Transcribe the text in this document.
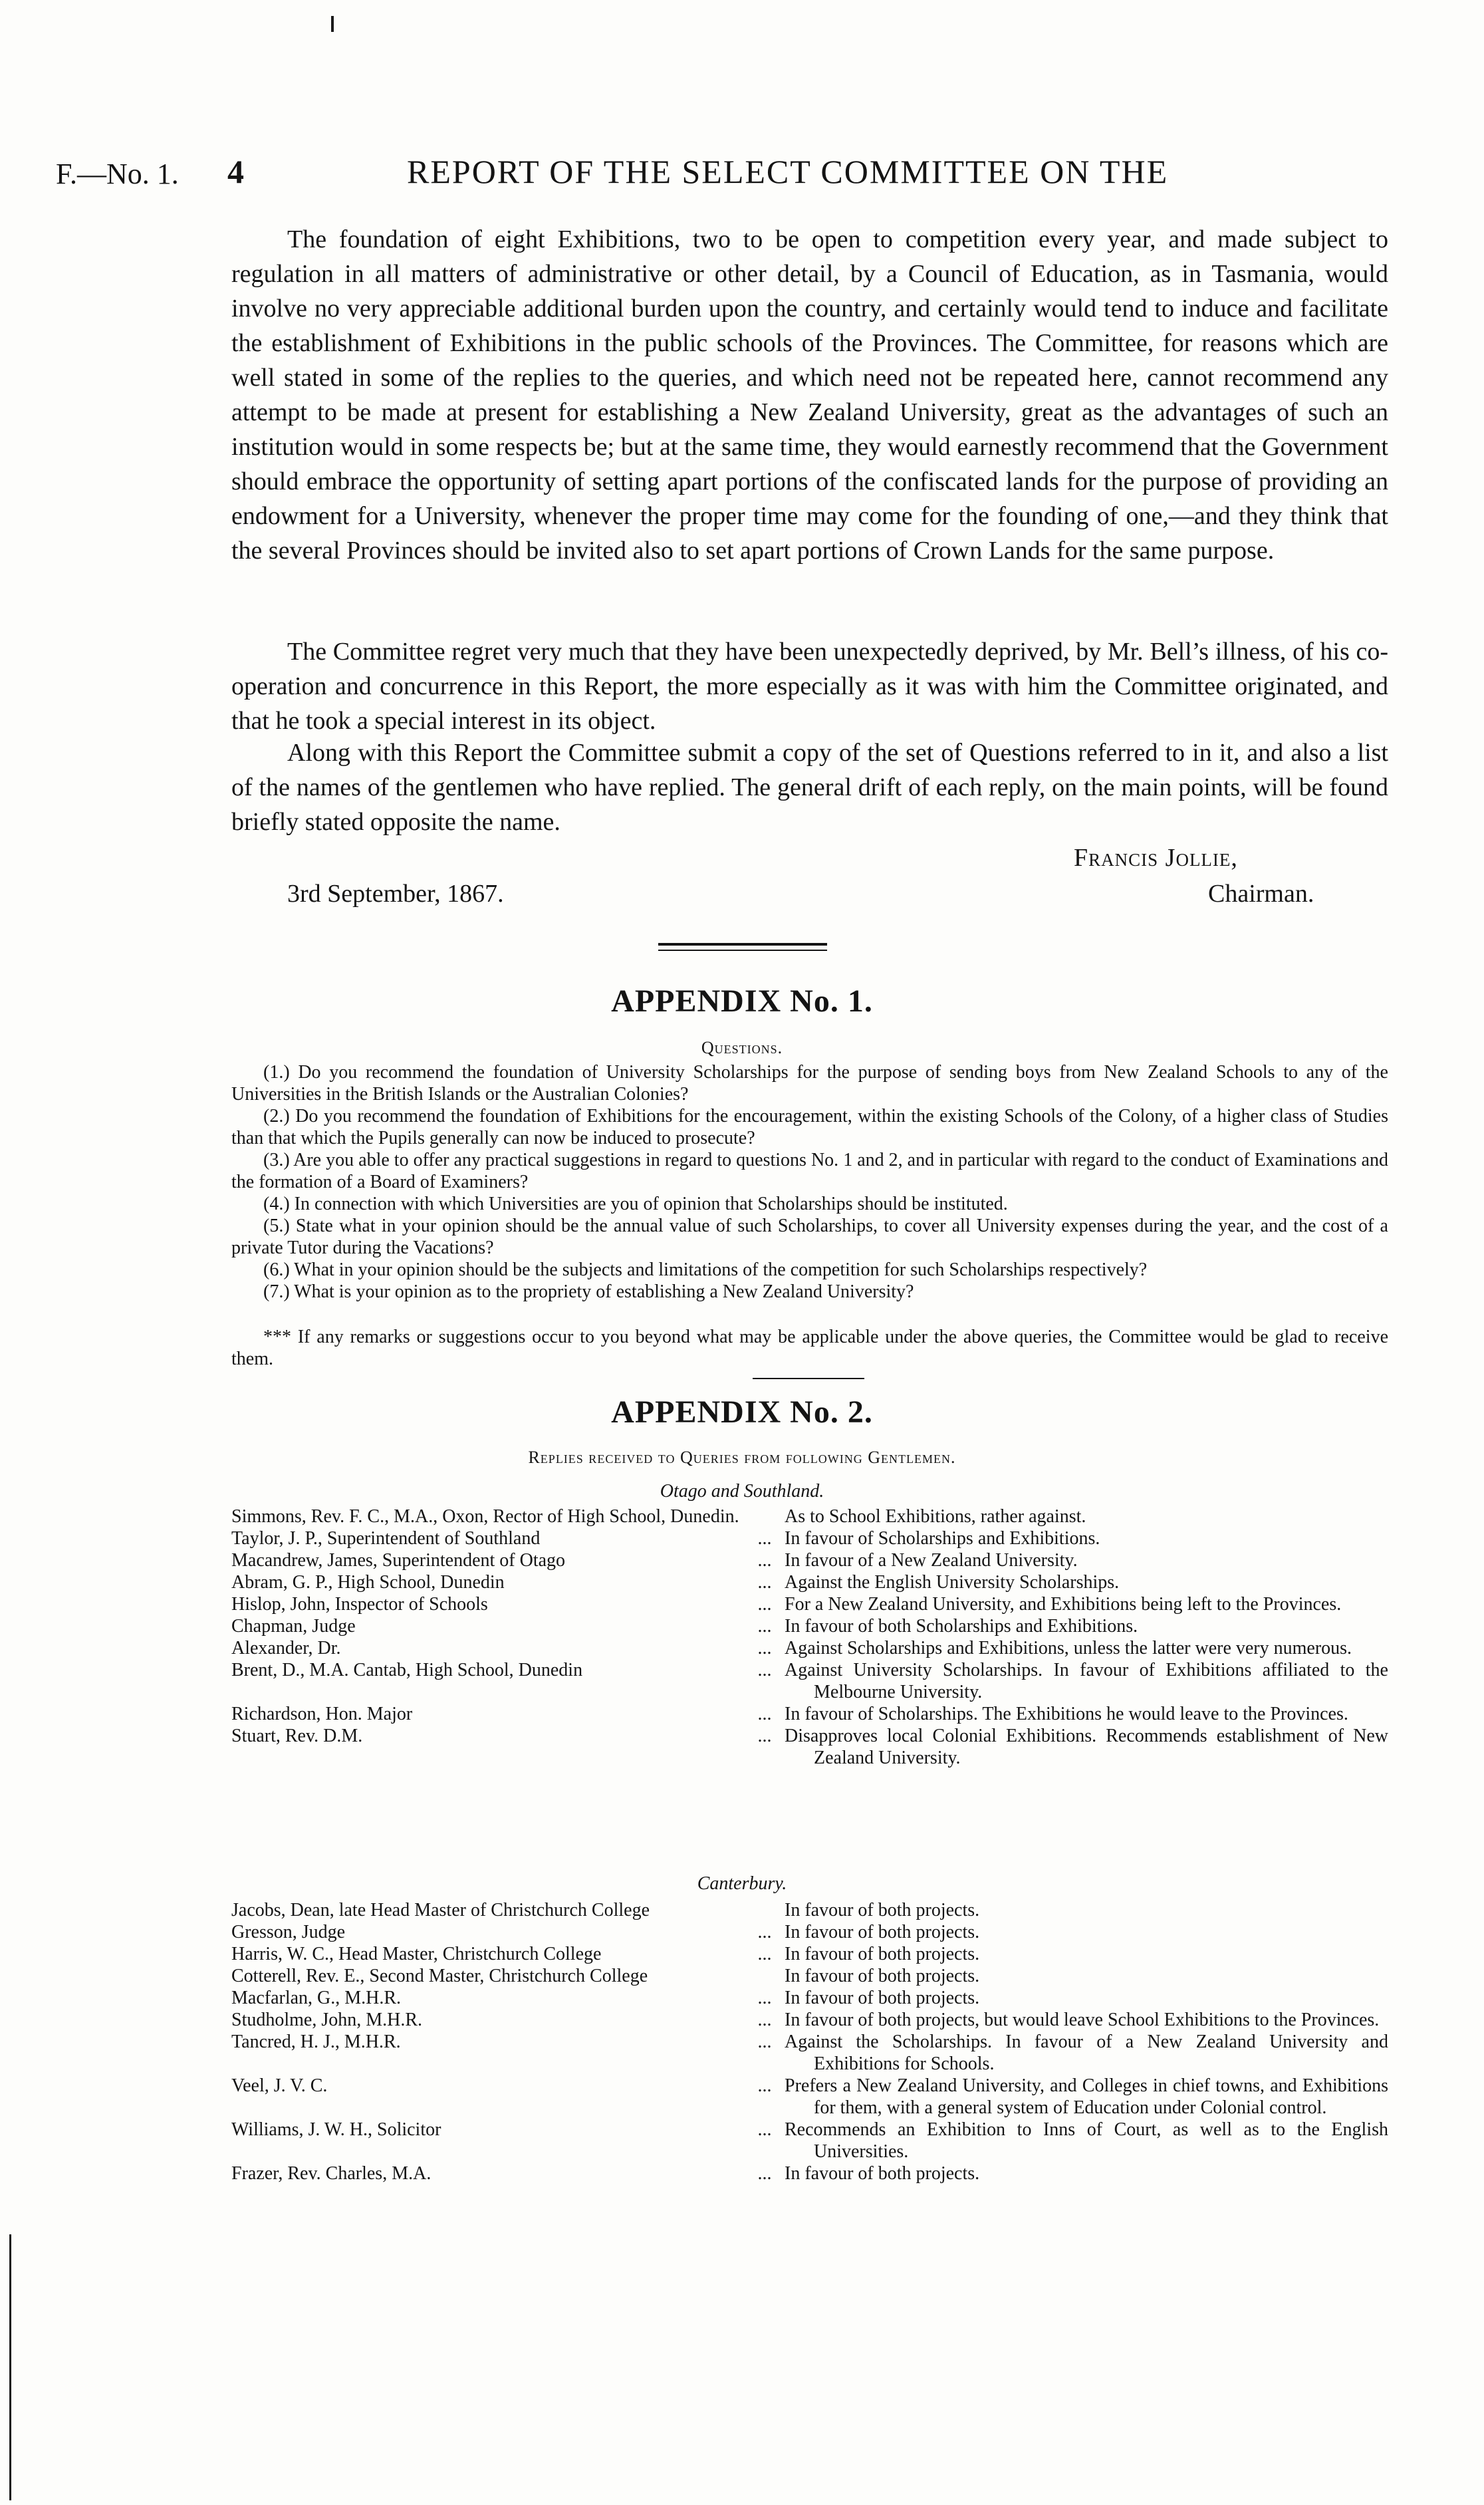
F.—No. 1. 4	REPORT OF THE SELECT COMMITTEE ON THE

The foundation of eight Exhibitions, two to be open to competition every year, and made subject to regulation in all matters of administrative or other detail, by a Council of Education, as in Tasmania, would involve no very appreciable additional burden upon the country, and certainly would tend to induce and facilitate the establishment of Exhibitions in the public schools of the Provinces. The Committee, for reasons which are well stated in some of the replies to the queries, and which need not be repeated here, cannot recommend any attempt to be made at present for establishing a New Zealand University, great as the advantages of such an institution would in some respects be; but at the same time, they would earnestly recommend that the Government should embrace the opportunity of setting apart portions of the confiscated lands for the purpose of providing an endowment for a University, whenever the proper time may come for the founding of one,—and they think that the several Provinces should be invited also to set apart portions of Crown Lands for the same purpose.

The Committee regret very much that they have been unexpectedly deprived, by Mr. Bell’s illness, of his co-operation and concurrence in this Report, the more especially as it was with him the Committee originated, and that he took a special interest in its object.

Along with this Report the Committee submit a copy of the set of Questions referred to in it, and also a list of the names of the gentlemen who have replied. The general drift of each reply, on the main points, will be found briefly stated opposite the name.

Francis Jollie,
3rd September, 1867.	Chairman.
APPENDIX No. 1.
Questions.
(1.) Do you recommend the foundation of University Scholarships for the purpose of sending boys from New Zealand Schools to any of the Universities in the British Islands or the Australian Colonies?
(2.) Do you recommend the foundation of Exhibitions for the encouragement, within the existing Schools of the Colony, of a higher class of Studies than that which the Pupils generally can now be induced to prosecute?
(3.) Are you able to offer any practical suggestions in regard to questions No. 1 and 2, and in particular with regard to the conduct of Examinations and the formation of a Board of Examiners?
(4.) In connection with which Universities are you of opinion that Scholarships should be instituted.
(5.) State what in your opinion should be the annual value of such Scholarships, to cover all University expenses during the year, and the cost of a private Tutor during the Vacations?
(6.) What in your opinion should be the subjects and limitations of the competition for such Scholarships respectively?
(7.) What is your opinion as to the propriety of establishing a New Zealand University?

*** If any remarks or suggestions occur to you beyond what may be applicable under the above queries, the Committee would be glad to receive them.

APPENDIX No. 2.
Replies received to Queries from following Gentlemen.
Otago and Southland.
Simmons, Rev. F. C., M.A., Oxon, Rector of High School, Dunedin. As to School Exhibitions, rather against.
Taylor, J. P., Superintendent of Southland	... In favour of Scholarships and Exhibitions.
Macandrew, James, Superintendent of Otago	... In favour of a New Zealand University.
Abram, G. P., High School, Dunedin	... Against the English University Scholarships.
Hislop, John, Inspector of Schools	... For a New Zealand University, and Exhibitions being left to the Provinces.
Chapman, Judge	... In favour of both Scholarships and Exhibitions.
Alexander, Dr.	... Against Scholarships and Exhibitions, unless the latter were very numerous.
Brent, D., M.A. Cantab, High School, Dunedin	... Against University Scholarships. In favour of Exhibitions affiliated to the Melbourne University.
Richardson, Hon. Major	... In favour of Scholarships. The Exhibitions he would leave to the Provinces.
Stuart, Rev. D.M.	... Disapproves local Colonial Exhibitions. Recommends establishment of New Zealand University.
Canterbury.
Jacobs, Dean, late Head Master of Christchurch College	In favour of both projects.
Gresson, Judge	... In favour of both projects.
Harris, W. C., Head Master, Christchurch College	... In favour of both projects.
Cotterell, Rev. E., Second Master, Christchurch College	In favour of both projects.
Macfarlan, G., M.H.R.	... In favour of both projects.
Studholme, John, M.H.R.	... In favour of both projects, but would leave School Exhibitions to the Provinces.
Tancred, H. J., M.H.R.	... Against the Scholarships. In favour of a New Zealand University and Exhibitions for Schools.
Veel, J. V. C.	... Prefers a New Zealand University, and Colleges in chief towns, and Exhibitions for them, with a general system of Education under Colonial control.
Williams, J. W. H., Solicitor	... Recommends an Exhibition to Inns of Court, as well as to the English Universities.
Frazer, Rev. Charles, M.A.	... In favour of both projects.
